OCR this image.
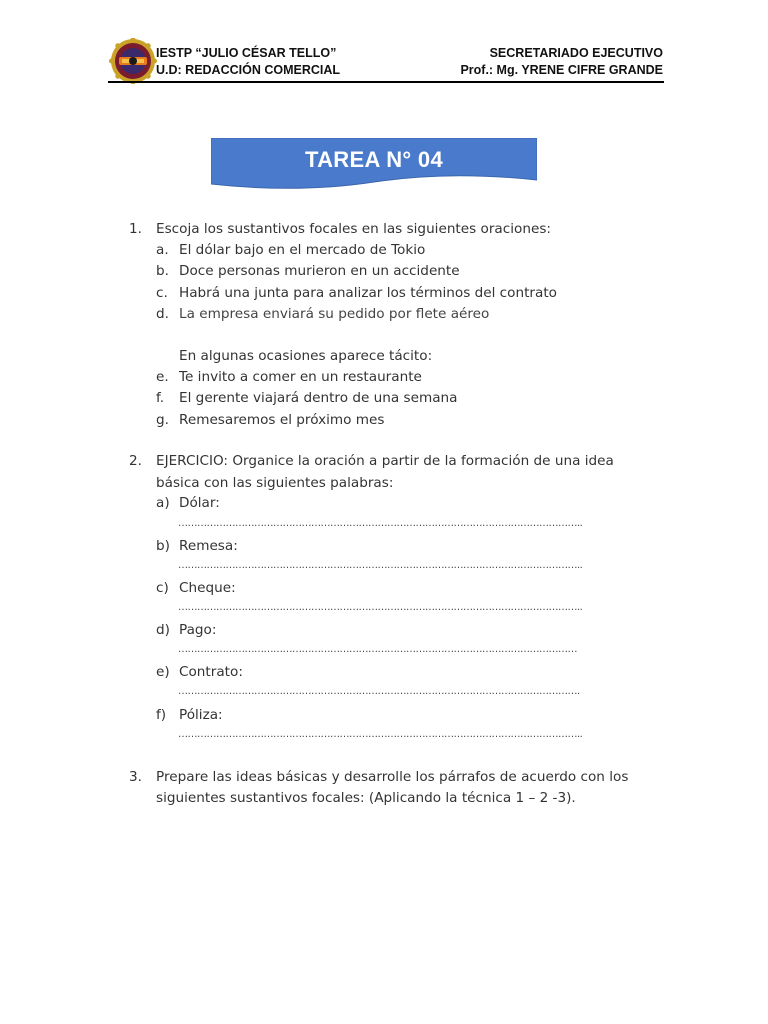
IESTP “JULIO CÉSAR TELLO”
U.D: REDACCIÓN COMERCIAL
SECRETARIADO EJECUTIVO
Prof.: Mg. YRENE CIFRE GRANDE
TAREA N° 04
1. Escoja los sustantivos focales en las siguientes oraciones:
a. El dólar bajo en el mercado de Tokio
b. Doce personas murieron en un accidente
c. Habrá una junta para analizar los términos del contrato
d. La empresa enviará su pedido por flete aéreo
En algunas ocasiones aparece tácito:
e. Te invito a comer en un restaurante
f. El gerente viajará dentro de una semana
g. Remesaremos el próximo mes
2. EJERCICIO: Organice la oración a partir de la formación de una idea
básica con las siguientes palabras:
a) Dólar:
………………………………………………………………………………………………………………..
b) Remesa:
………………………………………………………………………………………………………………..
c) Cheque:
………………………………………………………………………………………………………………..
d) Pago:
………………………………………………………………………………………………………………
e) Contrato:
……………………………………………………………………………………………………………….
f) Póliza:
………………………………………………………………………………………………………………..
3. Prepare las ideas básicas y desarrolle los párrafos de acuerdo con los
siguientes sustantivos focales: (Aplicando la técnica 1 – 2 -3).
